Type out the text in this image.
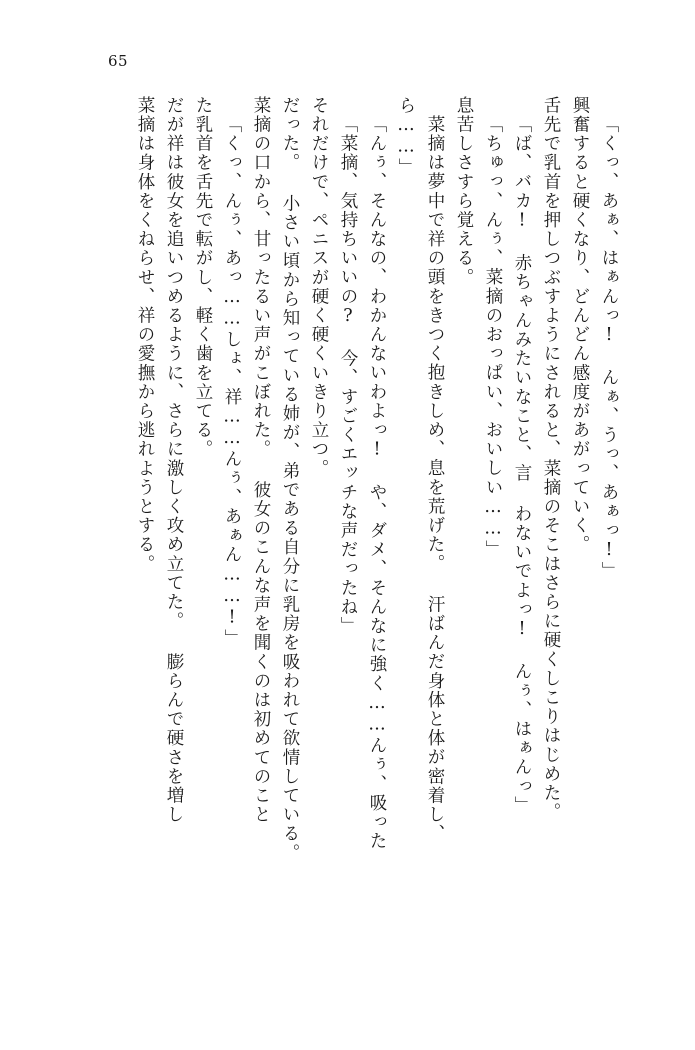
65
菜摘は身体をくねらせ、祥の愛撫から逃れようとする。 だが祥は彼女を追いつめるように、さらに激しく攻め立てた。 膨らんで硬さを増し た乳首を舌先で転がし、軽く歯を立てる。 「くっ、んぅ、あっ……しょ、祥……んぅ、あぁん……!」 菜摘の口から、甘ったるい声がこぼれた。 彼女のこんな声を聞くのは初めてのこと だった。 小さい頃から知っている姉が、弟である自分に乳房を吸われて欲情している。 それだけで、ペニスが硬く硬くいきり立つ。 「菜摘、気持ちいいの? 今、すごくエッチな声だったね」 「んぅ、そんなの、わかんないわよっ! や、ダメ、そんなに強く……んぅ、吸った ら……」 菜摘は夢中で祥の頭をきつく抱きしめ、息を荒げた。 汗ばんだ身体と体が密着し、 息苦しさすら覚える。 「ちゅっ、んぅ、菜摘のおっぱい、おいしい……」 「ば、バカ! 赤ちゃんみたいなこと、言 わないでよっ! んぅ、はぁんっ」 舌先で乳首を押しつぶすようにされると、菜摘のそこはさらに硬くしこりはじめた。 興奮すると硬くなり、どんどん感度があがっていく。 「くっ、あぁ、はぁんっ! んぁ、うっ、あぁっ!」
